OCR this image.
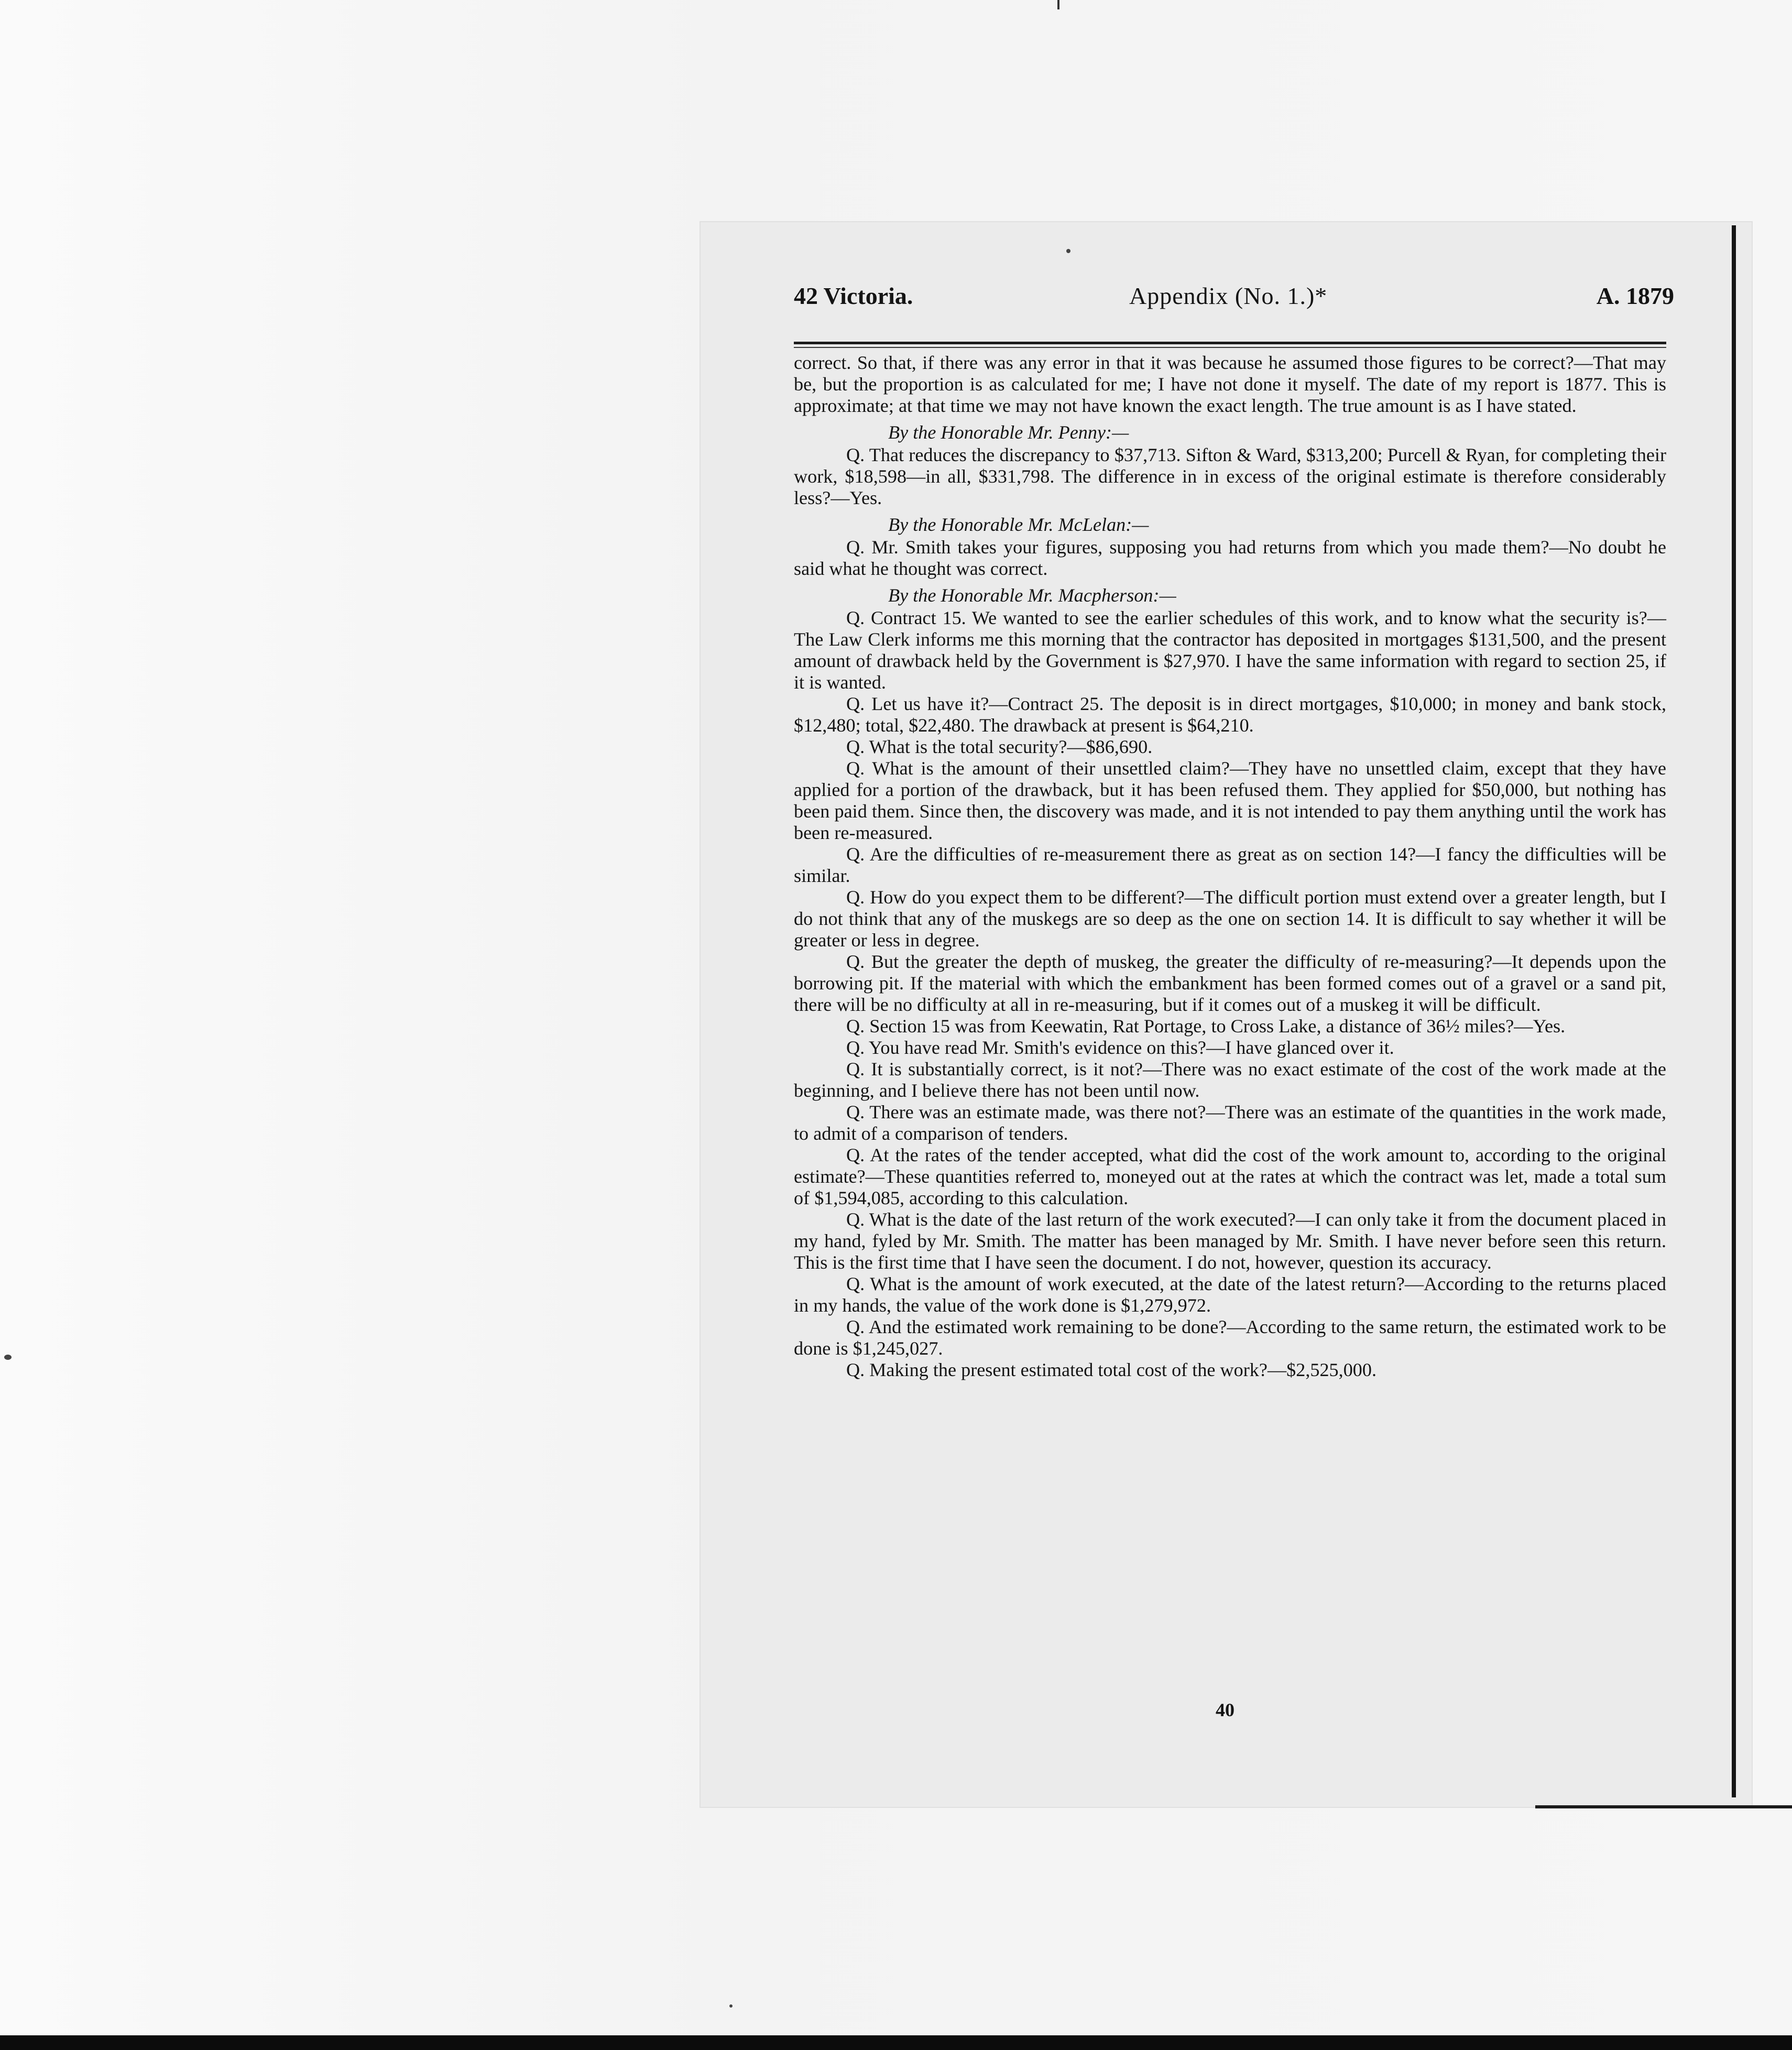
42 Victoria.	Appendix (No. 1.)*	A. 1879

correct. So that, if there was any error in that it was because he assumed those figures to be correct?—That may be, but the proportion is as calculated for me; I have not done it myself. The date of my report is 1877. This is approximate; at that time we may not have known the exact length. The true amount is as I have stated.

By the Honorable Mr. Penny:—

Q. That reduces the discrepancy to $37,713. Sifton & Ward, $313,200; Purcell & Ryan, for completing their work, $18,598—in all, $331,798. The difference in in excess of the original estimate is therefore considerably less?—Yes.

By the Honorable Mr. McLelan:—

Q. Mr. Smith takes your figures, supposing you had returns from which you made them?—No doubt he said what he thought was correct.

By the Honorable Mr. Macpherson:—

Q. Contract 15. We wanted to see the earlier schedules of this work, and to know what the security is?—The Law Clerk informs me this morning that the contractor has deposited in mortgages $131,500, and the present amount of drawback held by the Government is $27,970. I have the same information with regard to section 25, if it is wanted.

Q. Let us have it?—Contract 25. The deposit is in direct mortgages, $10,000; in money and bank stock, $12,480; total, $22,480. The drawback at present is $64,210.

Q. What is the total security?—$86,690.

Q. What is the amount of their unsettled claim?—They have no unsettled claim, except that they have applied for a portion of the drawback, but it has been refused them. They applied for $50,000, but nothing has been paid them. Since then, the discovery was made, and it is not intended to pay them anything until the work has been re-measured.

Q. Are the difficulties of re-measurement there as great as on section 14?—I fancy the difficulties will be similar.

Q. How do you expect them to be different?—The difficult portion must extend over a greater length, but I do not think that any of the muskegs are so deep as the one on section 14. It is difficult to say whether it will be greater or less in degree.

Q. But the greater the depth of muskeg, the greater the difficulty of re-measuring?—It depends upon the borrowing pit. If the material with which the embankment has been formed comes out of a gravel or a sand pit, there will be no difficulty at all in re-measuring, but if it comes out of a muskeg it will be difficult.

Q. Section 15 was from Keewatin, Rat Portage, to Cross Lake, a distance of 36½ miles?—Yes.

Q. You have read Mr. Smith's evidence on this?—I have glanced over it.

Q. It is substantially correct, is it not?—There was no exact estimate of the cost of the work made at the beginning, and I believe there has not been until now.

Q. There was an estimate made, was there not?—There was an estimate of the quantities in the work made, to admit of a comparison of tenders.

Q. At the rates of the tender accepted, what did the cost of the work amount to, according to the original estimate?—These quantities referred to, moneyed out at the rates at which the contract was let, made a total sum of $1,594,085, according to this calculation.

Q. What is the date of the last return of the work executed?—I can only take it from the document placed in my hand, fyled by Mr. Smith. The matter has been managed by Mr. Smith. I have never before seen this return. This is the first time that I have seen the document. I do not, however, question its accuracy.

Q. What is the amount of work executed, at the date of the latest return?—According to the returns placed in my hands, the value of the work done is $1,279,972.

Q. And the estimated work remaining to be done?—According to the same return, the estimated work to be done is $1,245,027.

Q. Making the present estimated total cost of the work?—$2,525,000.

40
